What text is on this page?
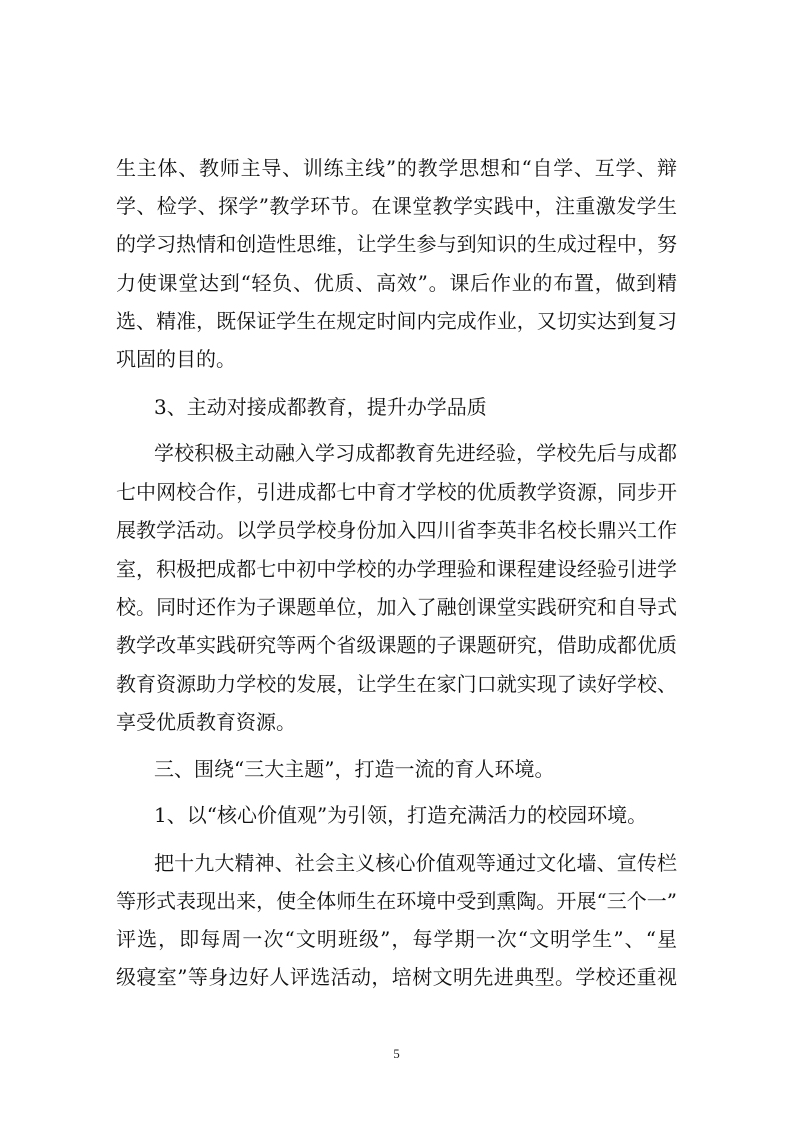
生主体、教师主导、训练主线”的教学思想和“自学、互学、辩

学、检学、探学”教学环节。在课堂教学实践中，注重激发学生

的学习热情和创造性思维，让学生参与到知识的生成过程中，努

力使课堂达到“轻负、优质、高效”。课后作业的布置，做到精

选、精准，既保证学生在规定时间内完成作业，又切实达到复习

巩固的目的。

3、主动对接成都教育，提升办学品质

学校积极主动融入学习成都教育先进经验，学校先后与成都

七中网校合作，引进成都七中育才学校的优质教学资源，同步开

展教学活动。以学员学校身份加入四川省李英非名校长鼎兴工作

室，积极把成都七中初中学校的办学理验和课程建设经验引进学

校。同时还作为子课题单位，加入了融创课堂实践研究和自导式

教学改革实践研究等两个省级课题的子课题研究，借助成都优质

教育资源助力学校的发展，让学生在家门口就实现了读好学校、

享受优质教育资源。

三、围绕“三大主题”，打造一流的育人环境。

1、以“核心价值观”为引领，打造充满活力的校园环境。

把十九大精神、社会主义核心价值观等通过文化墙、宣传栏

等形式表现出来，使全体师生在环境中受到熏陶。开展“三个一”

评选，即每周一次“文明班级”，每学期一次“文明学生”、“星

级寝室”等身边好人评选活动，培树文明先进典型。学校还重视

5
